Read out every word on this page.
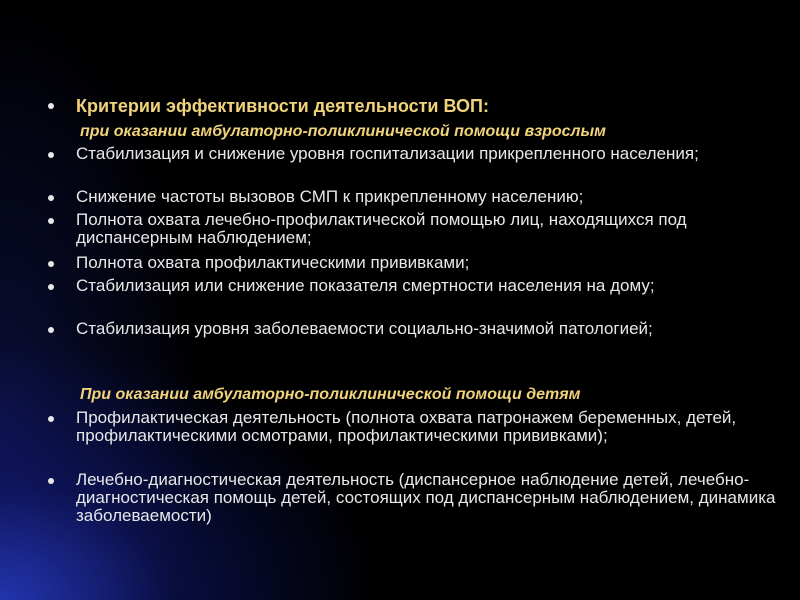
Критерии эффективности деятельности ВОП:
при оказании амбулаторно-поликлинической помощи взрослым
Стабилизация и снижение уровня госпитализации прикрепленного населения;
Снижение частоты вызовов СМП к прикрепленному населению;
Полнота охвата лечебно-профилактической помощью лиц, находящихся под диспансерным наблюдением;
Полнота охвата профилактическими прививками;
Стабилизация или снижение показателя смертности населения на дому;
Стабилизация уровня заболеваемости социально-значимой патологией;
При оказании амбулаторно-поликлинической помощи детям
Профилактическая деятельность (полнота охвата патронажем беременных, детей, профилактическими осмотрами, профилактическими прививками);
Лечебно-диагностическая деятельность (диспансерное наблюдение детей, лечебно-диагностическая помощь детей, состоящих под диспансерным наблюдением, динамика заболеваемости)
